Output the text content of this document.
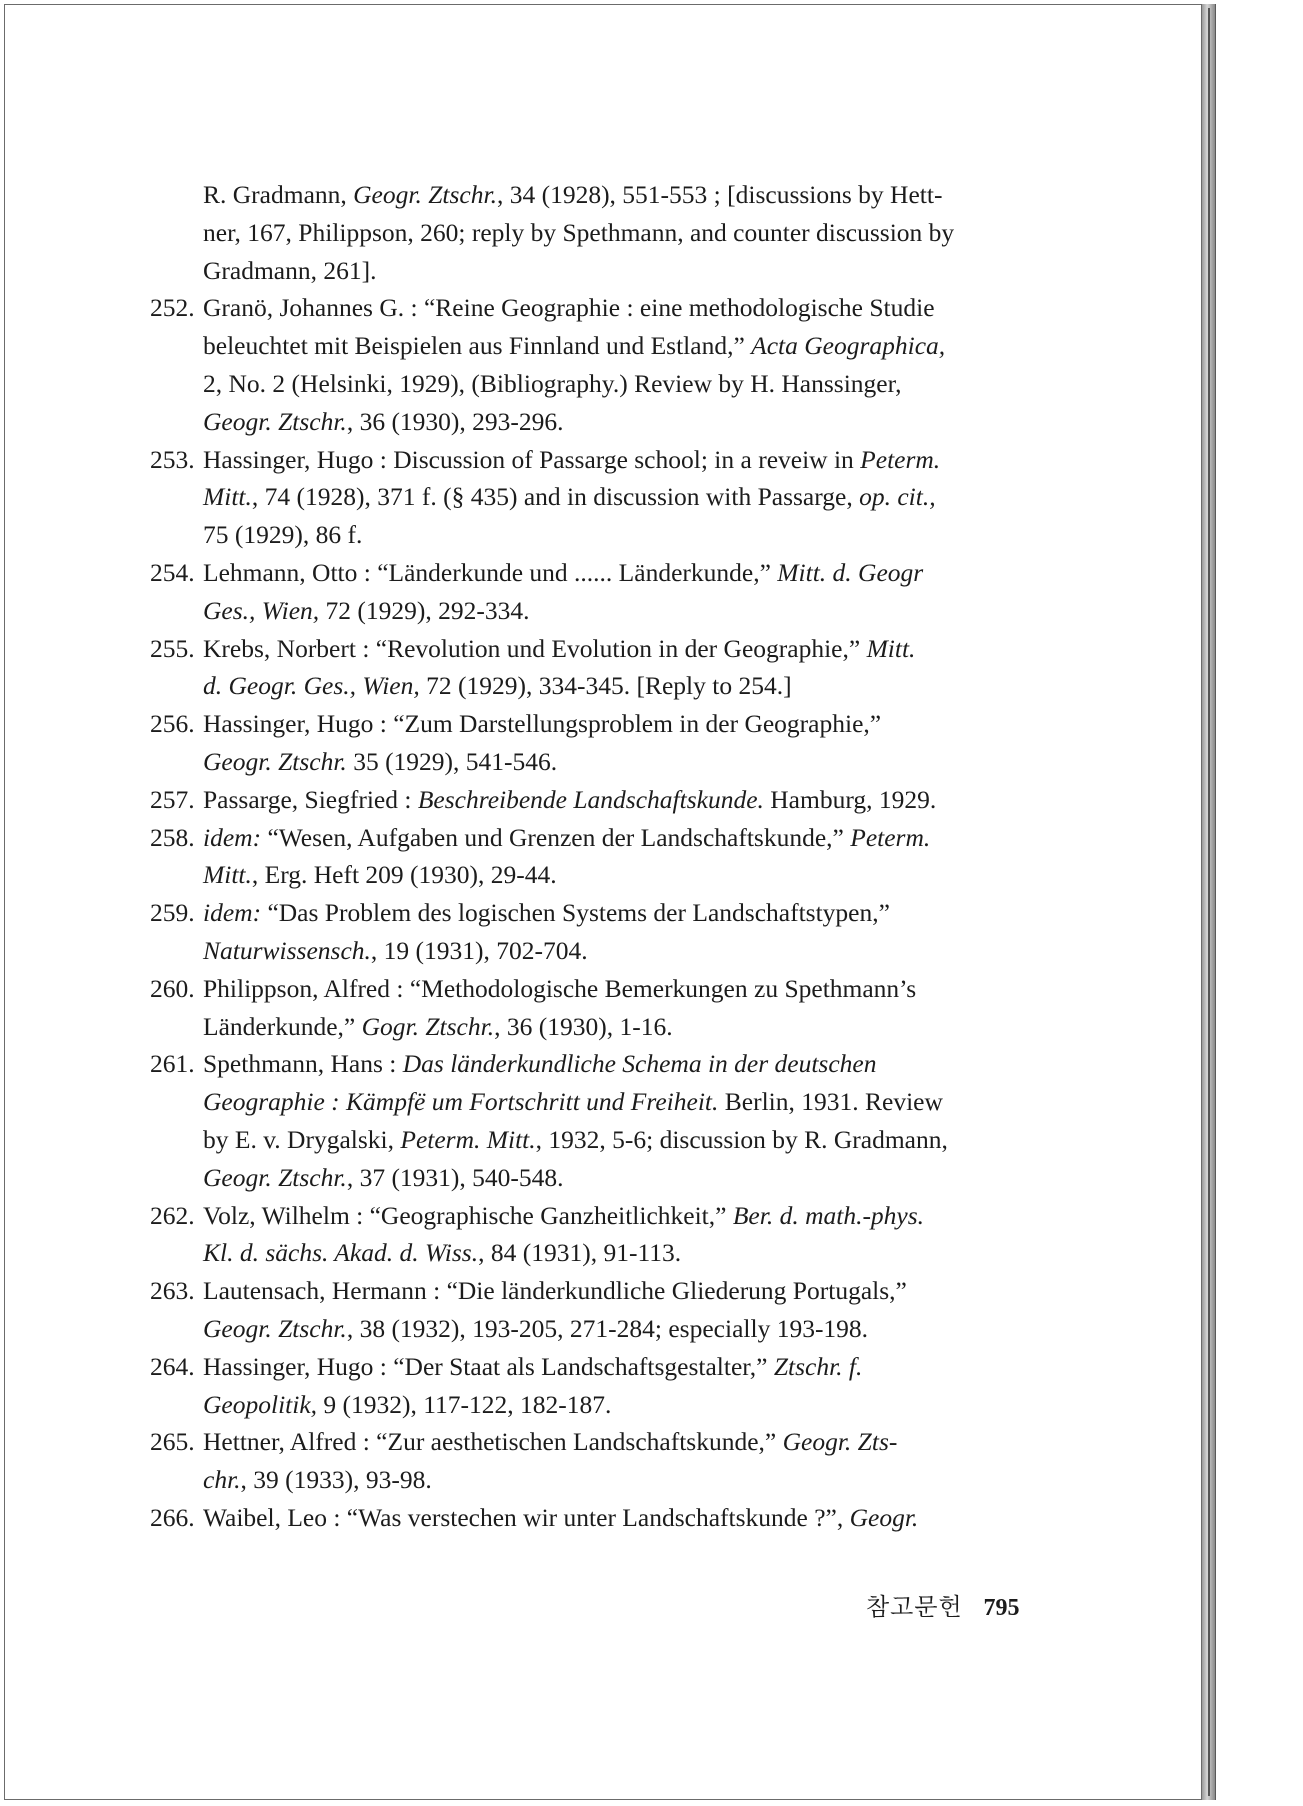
R. Gradmann, Geogr. Ztschr., 34 (1928), 551-553 ; [discussions by Hett-
ner, 167, Philippson, 260; reply by Spethmann, and counter discussion by
Gradmann, 261].
252. Granö, Johannes G. : “Reine Geographie : eine methodologische Studie
beleuchtet mit Beispielen aus Finnland und Estland,” Acta Geographica,
2, No. 2 (Helsinki, 1929), (Bibliography.) Review by H. Hanssinger,
Geogr. Ztschr., 36 (1930), 293-296.
253. Hassinger, Hugo : Discussion of Passarge school; in a reveiw in Peterm.
Mitt., 74 (1928), 371 f. (§ 435) and in discussion with Passarge, op. cit.,
75 (1929), 86 f.
254. Lehmann, Otto : “Länderkunde und ...... Länderkunde,” Mitt. d. Geogr
Ges., Wien, 72 (1929), 292-334.
255. Krebs, Norbert : “Revolution und Evolution in der Geographie,” Mitt.
d. Geogr. Ges., Wien, 72 (1929), 334-345. [Reply to 254.]
256. Hassinger, Hugo : “Zum Darstellungsproblem in der Geographie,”
Geogr. Ztschr. 35 (1929), 541-546.
257. Passarge, Siegfried : Beschreibende Landschaftskunde. Hamburg, 1929.
258. idem: “Wesen, Aufgaben und Grenzen der Landschaftskunde,” Peterm.
Mitt., Erg. Heft 209 (1930), 29-44.
259. idem: “Das Problem des logischen Systems der Landschaftstypen,”
Naturwissensch., 19 (1931), 702-704.
260. Philippson, Alfred : “Methodologische Bemerkungen zu Spethmann’s
Länderkunde,” Gogr. Ztschr., 36 (1930), 1-16.
261. Spethmann, Hans : Das länderkundliche Schema in der deutschen
Geographie : Kämpfë um Fortschritt und Freiheit. Berlin, 1931. Review
by E. v. Drygalski, Peterm. Mitt., 1932, 5-6; discussion by R. Gradmann,
Geogr. Ztschr., 37 (1931), 540-548.
262. Volz, Wilhelm : “Geographische Ganzheitlichkeit,” Ber. d. math.-phys.
Kl. d. sächs. Akad. d. Wiss., 84 (1931), 91-113.
263. Lautensach, Hermann : “Die länderkundliche Gliederung Portugals,”
Geogr. Ztschr., 38 (1932), 193-205, 271-284; especially 193-198.
264. Hassinger, Hugo : “Der Staat als Landschaftsgestalter,” Ztschr. f.
Geopolitik, 9 (1932), 117-122, 182-187.
265. Hettner, Alfred : “Zur aesthetischen Landschaftskunde,” Geogr. Zts-
chr., 39 (1933), 93-98.
266. Waibel, Leo : “Was verstechen wir unter Landschaftskunde ?”, Geogr.
참고문헌 795
